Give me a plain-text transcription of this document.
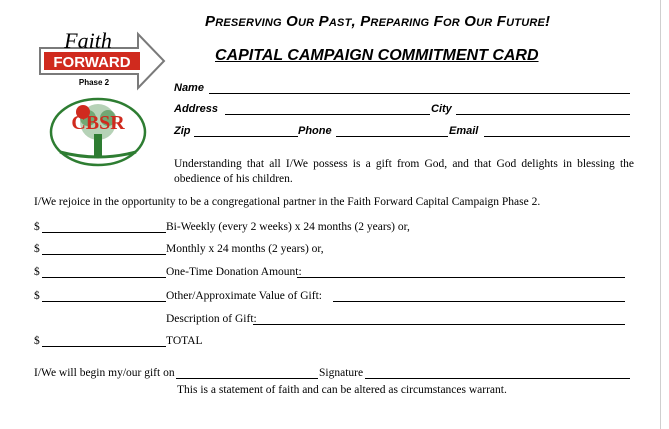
Faith
FORWARD
Phase 2
CBSR
Preserving Our Past, Preparing For Our Future!
CAPITAL CAMPAIGN COMMITMENT CARD
Name
Address	City
Zip	Phone	Email
Understanding that all I/We possess is a gift from God, and that God delights in blessing the obedience of his children.
I/We rejoice in the opportunity to be a congregational partner in the Faith Forward Capital Campaign Phase 2.
$	Bi-Weekly (every 2 weeks) x 24 months (2 years) or,
$	Monthly x 24 months (2 years) or,
$	One-Time Donation Amount:
$	Other/Approximate Value of Gift:
Description of Gift:
$	TOTAL
I/We will begin my/our gift on	Signature
This is a statement of faith and can be altered as circumstances warrant.
